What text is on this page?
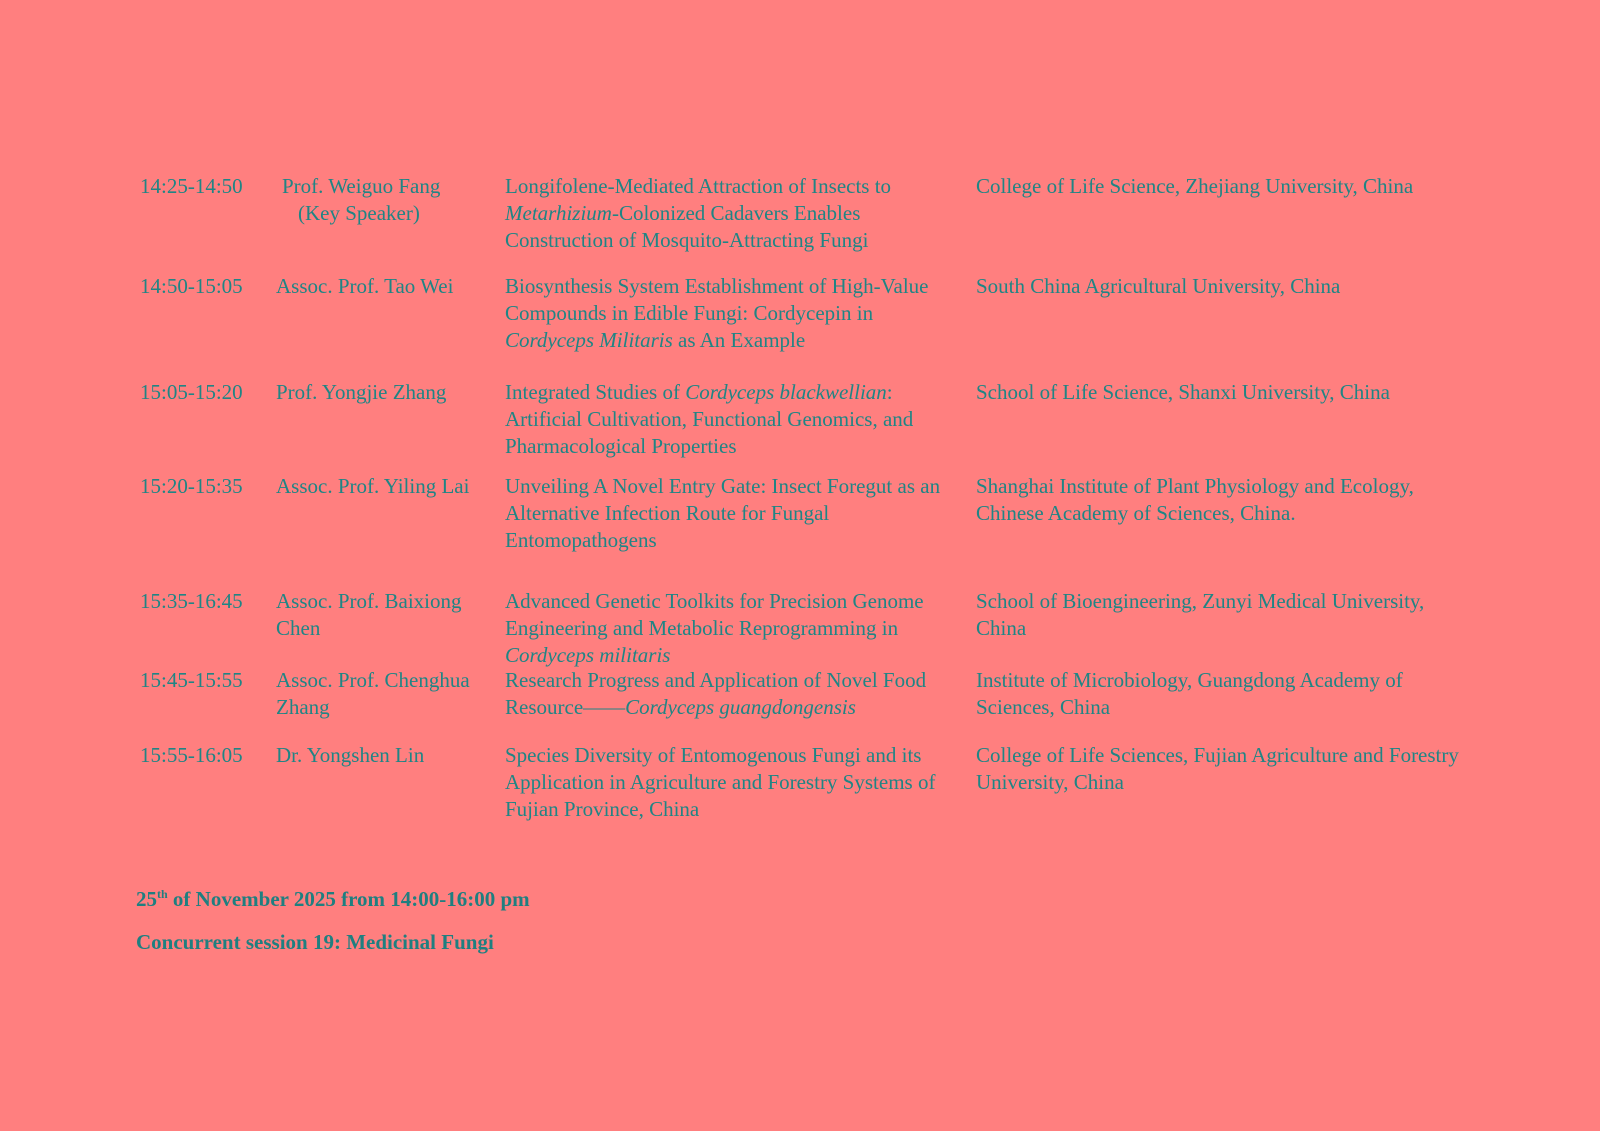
14:25-14:50	Prof. Weiguo Fang
(Key Speaker)
Longifolene-Mediated Attraction of Insects to Metarhizium-Colonized Cadavers Enables Construction of Mosquito-Attracting Fungi
College of Life Science, Zhejiang University, China
14:50-15:05	Assoc. Prof. Tao Wei	Biosynthesis System Establishment of High-Value Compounds in Edible Fungi: Cordycepin in Cordyceps Militaris as An Example
South China Agricultural University, China
15:05-15:20	Prof. Yongjie Zhang	Integrated Studies of Cordyceps blackwellian: Artificial Cultivation, Functional Genomics, and Pharmacological Properties
School of Life Science, Shanxi University, China
15:20-15:35	Assoc. Prof. Yiling Lai	Unveiling A Novel Entry Gate: Insect Foregut as an Alternative Infection Route for Fungal Entomopathogens
Shanghai Institute of Plant Physiology and Ecology, Chinese Academy of Sciences, China.
15:35-16:45	Assoc. Prof. Baixiong Chen
Advanced Genetic Toolkits for Precision Genome Engineering and Metabolic Reprogramming in Cordyceps militaris
School of Bioengineering, Zunyi Medical University, China
15:45-15:55	Assoc. Prof. Chenghua Zhang
Research Progress and Application of Novel Food Resource——Cordyceps guangdongensis
Institute of Microbiology, Guangdong Academy of Sciences, China
15:55-16:05	Dr. Yongshen Lin	Species Diversity of Entomogenous Fungi and its Application in Agriculture and Forestry Systems of Fujian Province, China
College of Life Sciences, Fujian Agriculture and Forestry University, China
25th of November 2025 from 14:00-16:00 pm
Concurrent session 19: Medicinal Fungi
